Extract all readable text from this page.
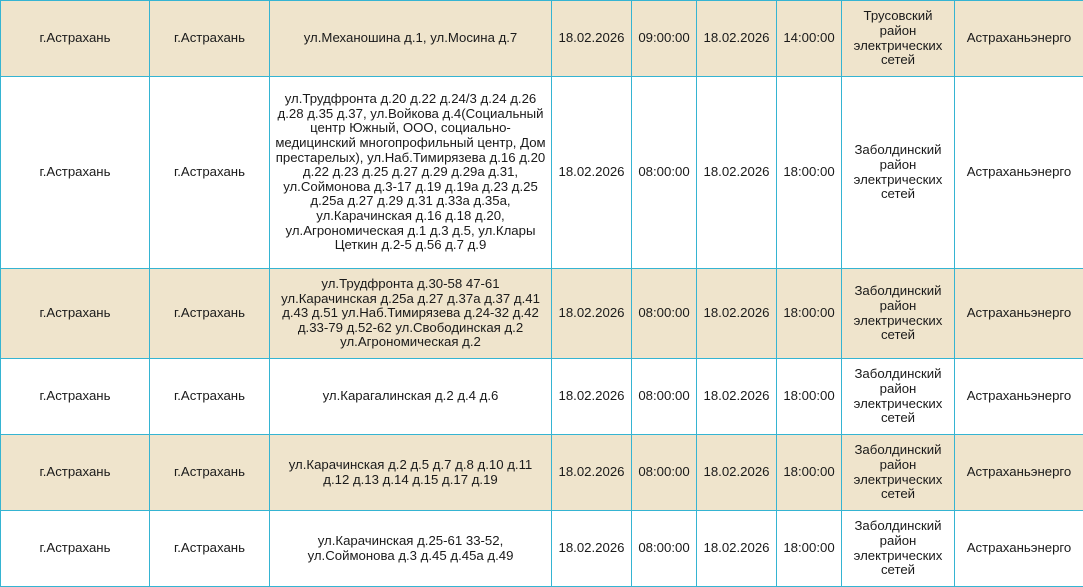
г.Астрахань	г.Астрахань	ул.Механошина д.1, ул.Мосина д.7	18.02.2026	09:00:00	18.02.2026	14:00:00	Трусовский район электрических сетей	Астраханьэнерго
г.Астрахань	г.Астрахань	ул.Трудфронта д.20 д.22 д.24/3 д.24 д.26 д.28 д.35 д.37, ул.Войкова д.4(Социальный центр Южный, ООО, социально-медицинский многопрофильный центр, Дом престарелых), ул.Наб.Тимирязева д.16 д.20 д.22 д.23 д.25 д.27 д.29 д.29а д.31, ул.Соймонова д.3-17 д.19 д.19а д.23 д.25 д.25а д.27 д.29 д.31 д.33а д.35а, ул.Карачинская д.16 д.18 д.20, ул.Агрономическая д.1 д.3 д.5, ул.Клары Цеткин д.2-5 д.56 д.7 д.9	18.02.2026	08:00:00	18.02.2026	18:00:00	Заболдинский район электрических сетей	Астраханьэнерго
г.Астрахань	г.Астрахань	ул.Трудфронта д.30-58 47-61 ул.Карачинская д.25а д.27 д.37а д.37 д.41 д.43 д.51 ул.Наб.Тимирязева д.24-32 д.42 д.33-79 д.52-62 ул.Свободинская д.2 ул.Агрономическая д.2	18.02.2026	08:00:00	18.02.2026	18:00:00	Заболдинский район электрических сетей	Астраханьэнерго
г.Астрахань	г.Астрахань	ул.Карагалинская д.2 д.4 д.6	18.02.2026	08:00:00	18.02.2026	18:00:00	Заболдинский район электрических сетей	Астраханьэнерго
г.Астрахань	г.Астрахань	ул.Карачинская д.2 д.5 д.7 д.8 д.10 д.11 д.12 д.13 д.14 д.15 д.17 д.19	18.02.2026	08:00:00	18.02.2026	18:00:00	Заболдинский район электрических сетей	Астраханьэнерго
г.Астрахань	г.Астрахань	ул.Карачинская д.25-61 33-52, ул.Соймонова д.3 д.45 д.45а д.49	18.02.2026	08:00:00	18.02.2026	18:00:00	Заболдинский район электрических сетей	Астраханьэнерго
